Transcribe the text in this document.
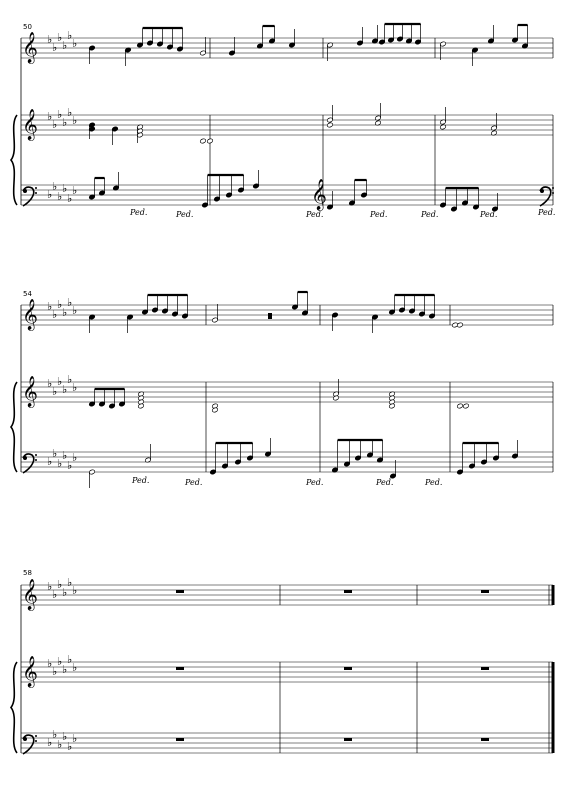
50
54
58
𝄞
𝄞
♭
♭
♭
♭
♭
♭
♭
♭
♭
♭
♭
♭
♭
♭
♭
♭
♭
♭
𝄞
𝄞
♭
♭
♭
♭
♭
♭
♭
♭
♭
♭
♭
♭
♭
♭
♭
♭
♭
♭
𝄞
𝄞
♭
♭
♭
♭
♭
♭
♭
♭
♭
♭
♭
♭
♭
♭
♭
♭
♭
♭
𝄞
Ped.	Ped.	Ped.	Ped.	Ped.	Ped.	Ped.
Ped.	Ped.	Ped.	Ped.	Ped.
